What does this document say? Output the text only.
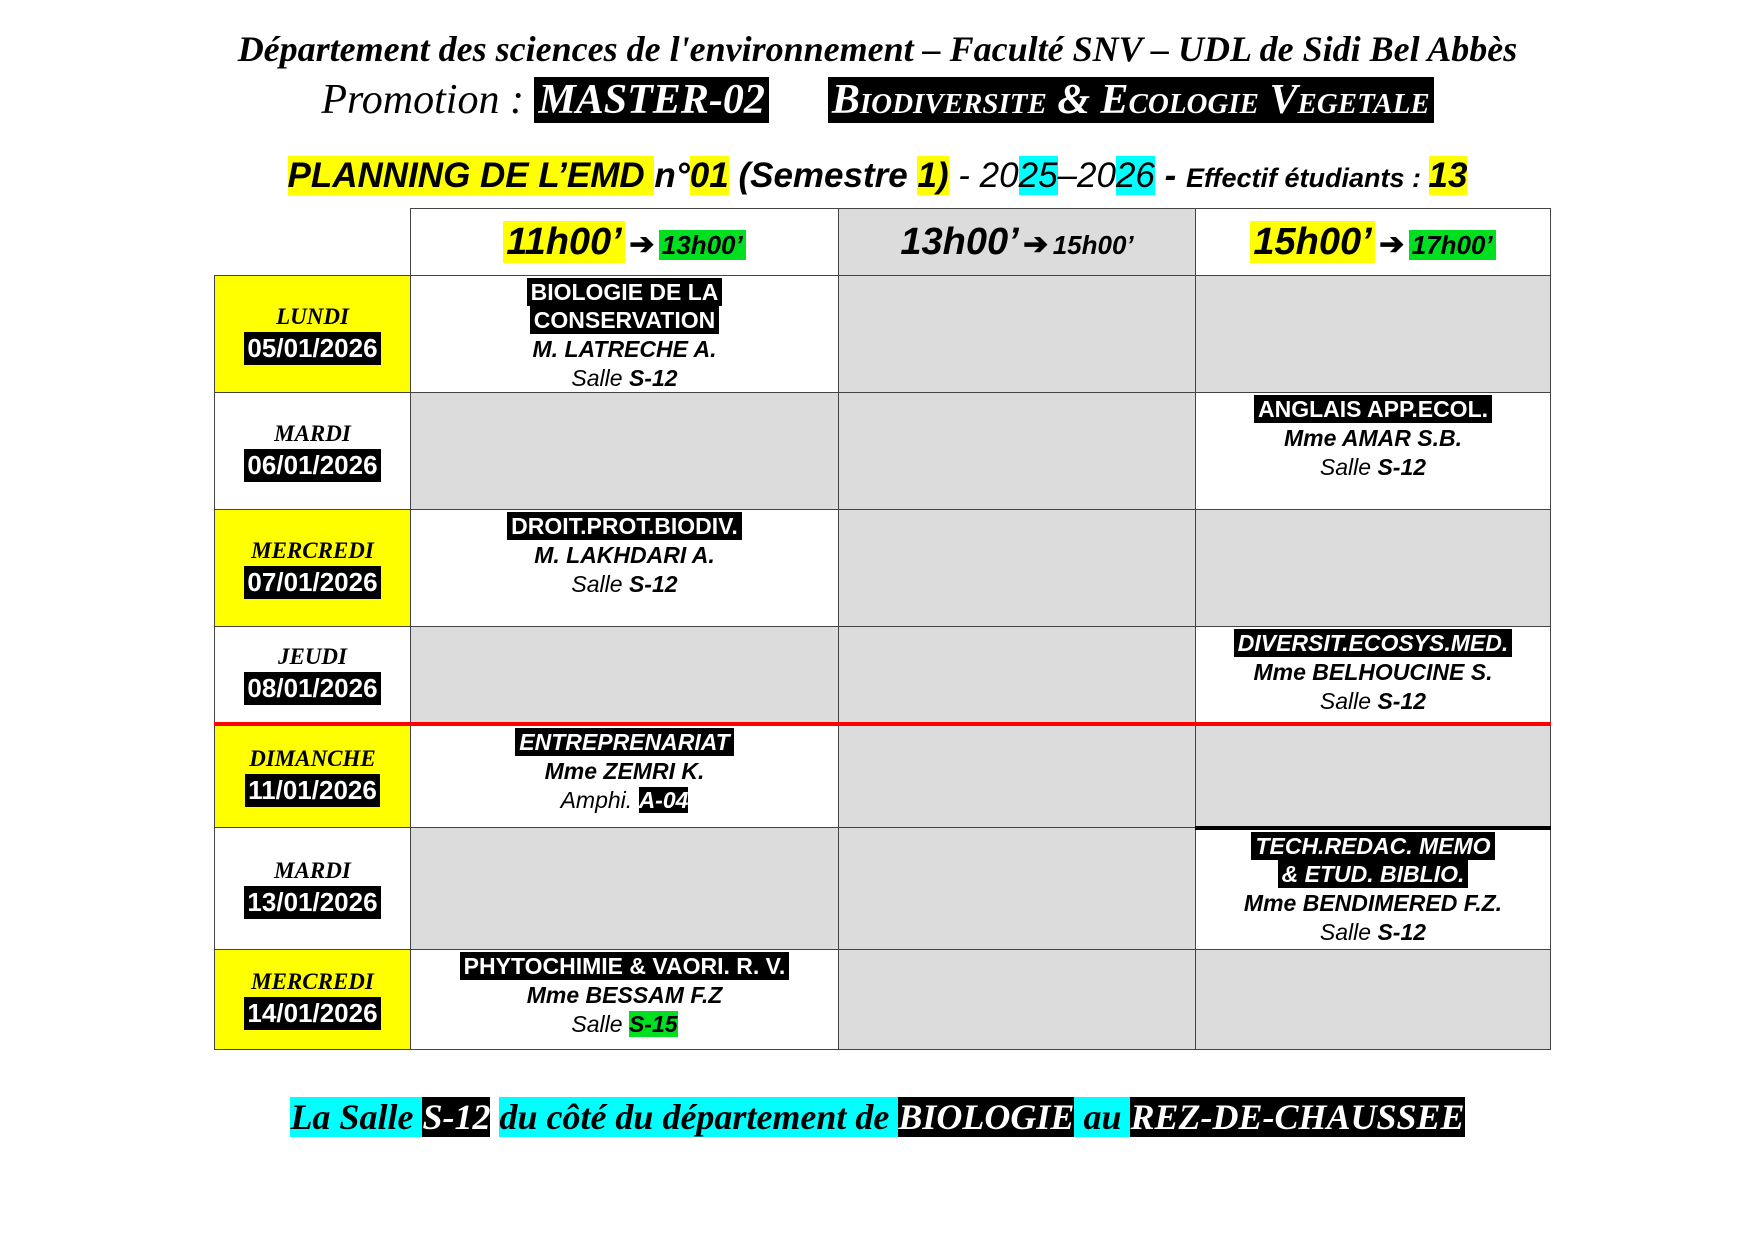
Département des sciences de l'environnement – Faculté SNV – UDL de Sidi Bel Abbès
Promotion : MASTER-02 Biodiversite & Ecologie Vegetale
PLANNING DE L’EMD n°01 (Semestre 1) - 2025–2026 - Effectif étudiants : 13
	11h00’ ➔ 13h00’	13h00’ ➔ 15h00’	15h00’ ➔ 17h00’

LUNDI
05/01/2026	BIOLOGIE DE LA
CONSERVATION
M. LATRECHE A.
Salle S-12		

MARDI
06/01/2026			ANGLAIS APP.ECOL.
Mme AMAR S.B.
Salle S-12

MERCREDI
07/01/2026	DROIT.PROT.BIODIV.
M. LAKHDARI A.
Salle S-12		

JEUDI
08/01/2026			DIVERSIT.ECOSYS.MED.
Mme BELHOUCINE S.
Salle S-12

DIMANCHE
11/01/2026	ENTREPRENARIAT
Mme ZEMRI K.
Amphi. A-04		

MARDI
13/01/2026			TECH.REDAC. MEMO
& ETUD. BIBLIO.
Mme BENDIMERED F.Z.
Salle S-12

MERCREDI
14/01/2026	PHYTOCHIMIE & VAORI. R. V.
Mme BESSAM F.Z
Salle S-15		

La Salle S-12 du côté du département de BIOLOGIE au REZ-DE-CHAUSSEE
